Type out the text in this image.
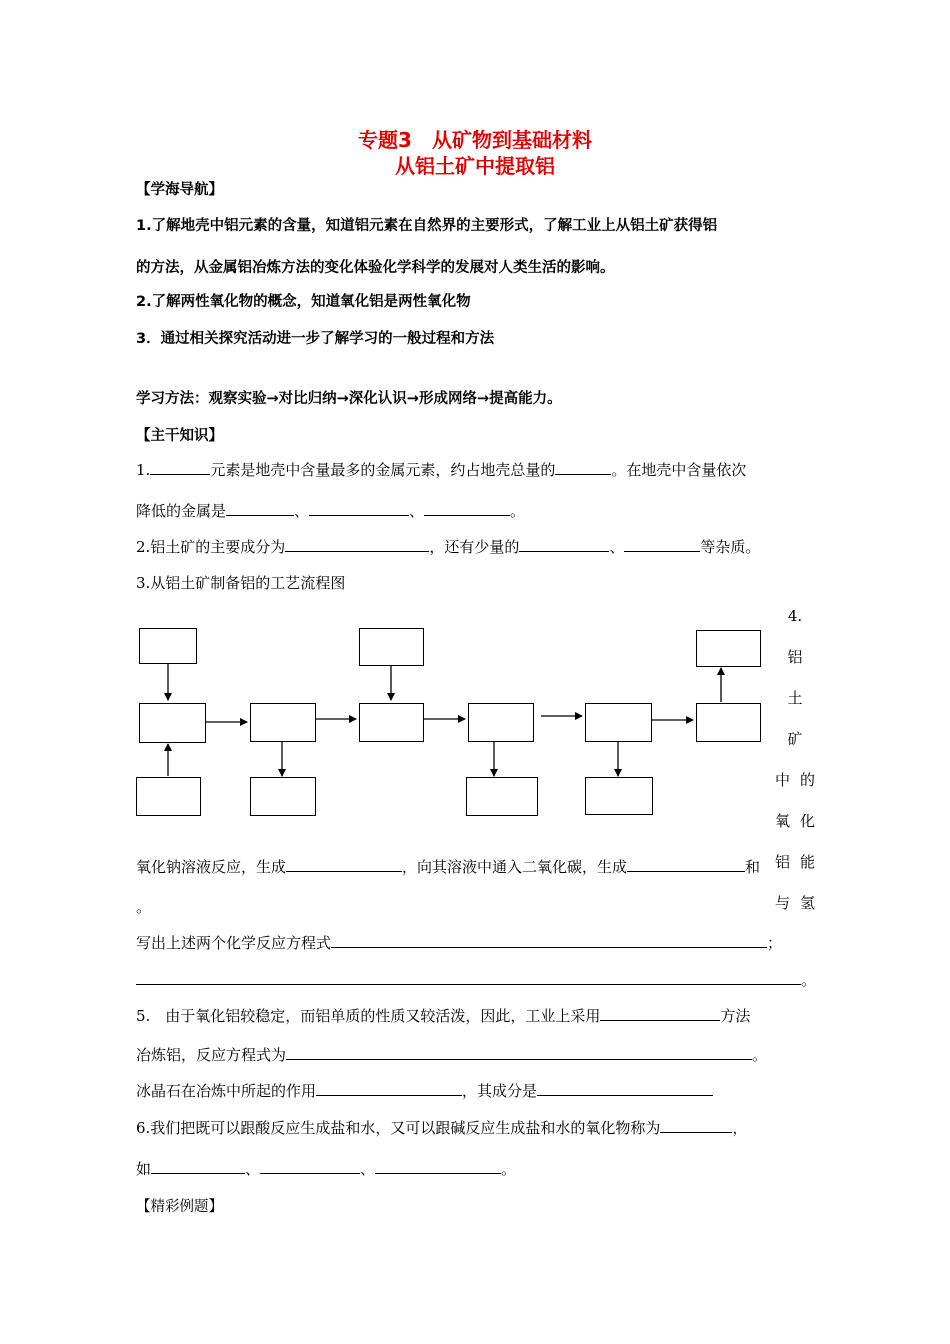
专题3　从矿物到基础材料
从铝土矿中提取铝
【学海导航】
1.了解地壳中铝元素的含量，知道铝元素在自然界的主要形式，了解工业上从铝土矿获得铝
的方法，从金属铝冶炼方法的变化体验化学科学的发展对人类生活的影响。
2.了解两性氧化物的概念，知道氧化铝是两性氧化物
3．通过相关探究活动进一步了解学习的一般过程和方法
学习方法：观察实验→对比归纳→深化认识→形成网络→提高能力。
【主干知识】
1.	元素是地壳中含量最多的金属元素，约占地壳总量的	。在地壳中含量依次
降低的金属是	、	、	。
2.铝土矿的主要成分为	，还有少量的	、	等杂质。
3.从铝土矿制备铝的工艺流程图
4.
铝
土
矿
中 的
氧 化
铝 能
与 氢
氧化钠溶液反应，生成	，向其溶液中通入二氧化碳，生成	和
。
写出上述两个化学反应方程式	；
。
5.　由于氧化铝较稳定，而铝单质的性质又较活泼，因此，工业上采用	方法
冶炼铝，反应方程式为	。
冰晶石在冶炼中所起的作用	，其成分是
6.我们把既可以跟酸反应生成盐和水，又可以跟碱反应生成盐和水的氧化物称为	，
如	、	、	。
【精彩例题】
